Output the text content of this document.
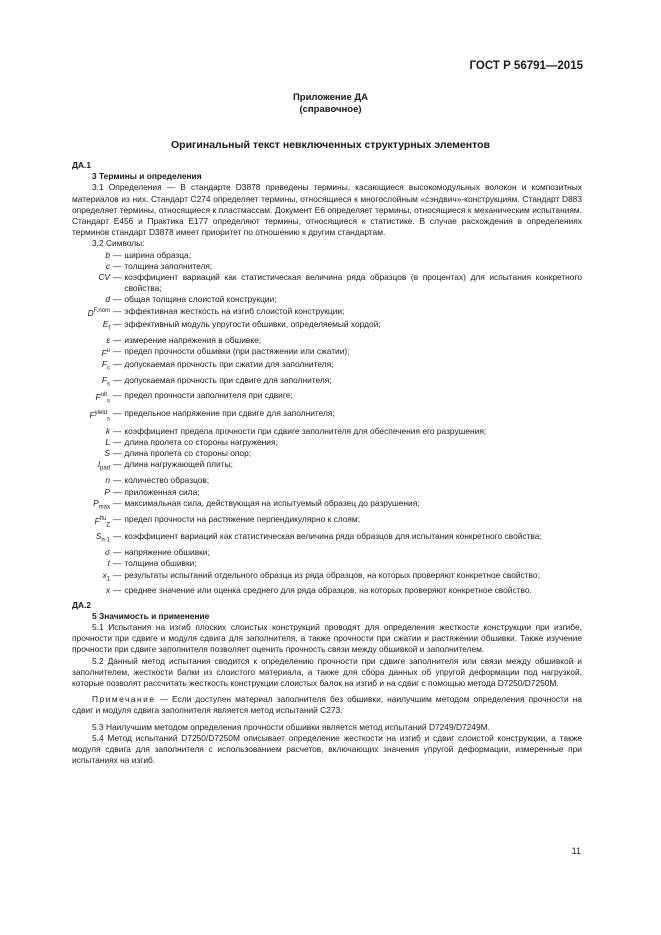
ГОСТ Р 56791—2015
Приложение ДА
(справочное)
Оригинальный текст невключенных структурных элементов

ДА.1

3 Термины и определения

3.1 Определения — В стандарте D3878 приведены термины, касающиеся высокомодульных волокон и композитных материалов из них. Стандарт С274 определяет термины, относящиеся к многослойным «сэндвич»-конструкциям. Стандарт D883 определяет термины, относящиеся к пластмассам. Документ Е6 определяет термины, относящиеся к механическим испытаниям. Стандарт Е456 и Практика Е177 определяют термины, относящиеся к статистике. В случае расхождения в определениях терминов стандарт D3878 имеет приоритет по отношению к другим стандартам.

3.2 Символы:

b — ширина образца;
c — толщина заполнителя;
CV — коэффициент вариаций как статистическая величина ряда образцов (в процентах) для испытания конкретного свойства;
d — общая толщина слоистой конструкции;
$D^{F,nom}$ — эффективная жесткость на изгиб слоистой конструкции;
$E_f$ — эффективный модуль упругости обшивки, определяемый хордой;
ε — измерение напряжения в обшивке;
$F^u$ — предел прочности обшивки (при растяжении или сжатии);
$F_c$ — допускаемая прочность при сжатии для заполнителя;
$F_s$ — допускаемая прочность при сдвиге для заполнителя;
$F^{ult}_s$
— предел прочности заполнителя при сдвиге;
$F^{yield}_s$
— предельное напряжение при сдвиге для заполнителя;
k — коэффициент предела прочности при сдвиге заполнителя для обеспечения его разрушения;
L — длина пролета со стороны нагружения;
S — длина пролета со стороны опор;
$l_{pad}$ — длина нагружающей плиты;
n — количество образцов;
P — приложенная сила;
$P_{max}$ — максимальная сила, действующая на испытуемый образец до разрушения;
$F^{ftu}_Z$
— предел прочности на растяжение перпендикулярно к слоям;
$S_{n-1}$ — коэффициент вариаций как статистическая величина ряда образцов для испытания конкретного свойства;
σ — напряжение обшивки;
t — толщина обшивки;
$x_1$ — результаты испытаний отдельного образца из ряда образцов, на которых проверяют конкретное свойство;
x — среднее значение или оценка среднего для ряда образцов, на которых проверяют конкретное свойство.

ДА.2

5 Значимость и применение

5.1 Испытания на изгиб плоских слоистых конструкций проводят для определения жесткости конструкции при изгибе, прочности при сдвиге и модуля сдвига для заполнителя, а также прочности при сжатии и растяжении обшивки. Также изучение прочности при сдвиге заполнителя позволяет оценить прочность связи между обшивкой и заполнителем.

5.2 Данный метод испытания сводится к определению прочности при сдвиге заполнителя или связи между обшивкой и заполнителем, жесткости балки из слоистого материала, а также для сбора данных об упругой деформации под нагрузкой, которые позволят рассчитать жесткость конструкции слоистых балок на изгиб и на сдвиг с помощью метода D7250/D7250M.

Примечание — Если доступен материал заполнителя без обшивки, наилучшим методом определения прочности на сдвиг и модуля сдвига заполнителя является метод испытаний С273.

5.3 Наилучшим методом определения прочности обшивки является метод испытаний D7249/D7249M.

5.4 Метод испытаний D7250/D7250M описывает определение жесткости на изгиб и сдвиг слоистой конструкции, а также модуля сдвига для заполнителя с использованием расчетов, включающих значения упругой деформации, измеренные при испытаниях на изгиб.

11
